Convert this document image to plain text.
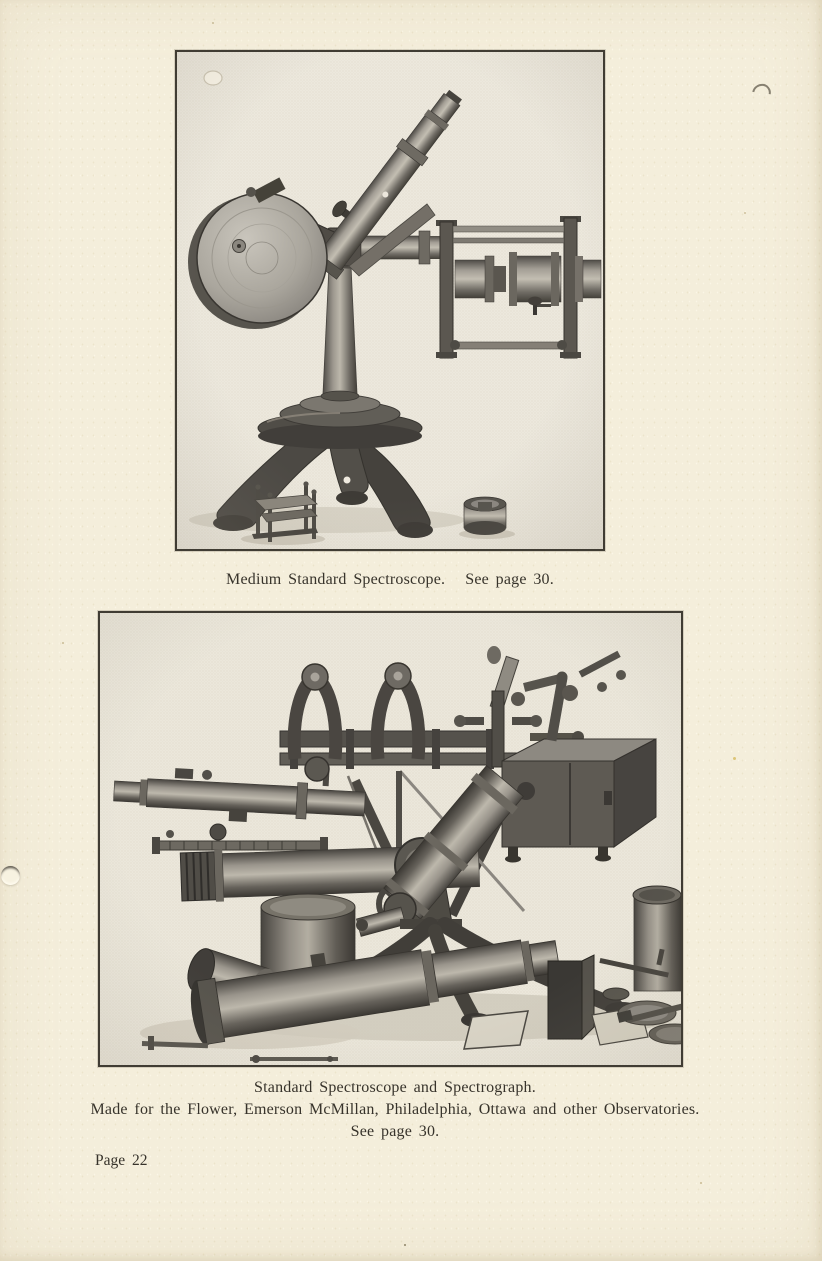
Medium Standard Spectroscope. See page 30.
Standard Spectroscope and Spectrograph.
Made for the Flower, Emerson McMillan, Philadelphia, Ottawa and other Observatories.
See page 30.
Page 22
